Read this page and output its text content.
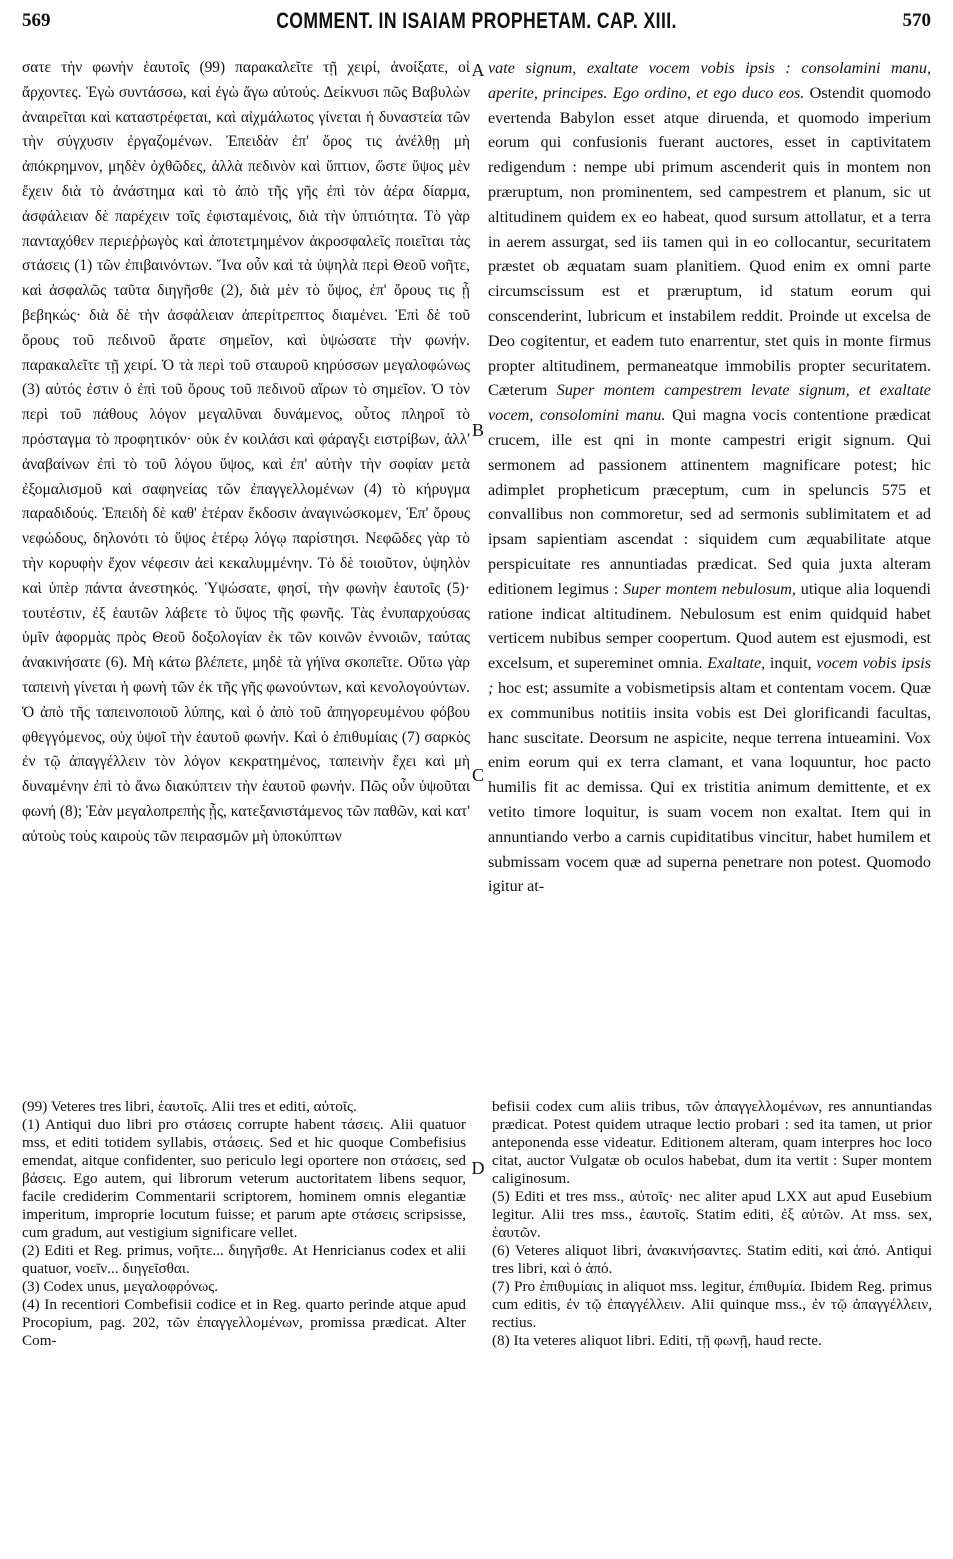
569	COMMENT. IN ISAIAM PROPHETAM. CAP. XIII.	570

σατε τὴν φωνὴν ἑαυτοῖς (99) παρακαλεῖτε τῇ χειρί, ἀνοίξατε, οἱ ἄρχοντες. Ἐγὼ συντάσσω, καὶ ἐγὼ ἄγω αὐτούς. Δείκνυσι πῶς Βαβυλὼν ἀναιρεῖται καὶ καταστρέφεται, καὶ αἰχμάλωτος γίνεται ἡ δυναστεία τῶν τὴν σύγχυσιν ἐργαζομένων. Ἐπειδὰν ἐπ' ὄρος τις ἀνέλθῃ μὴ ἀπόκρημνον, μηδὲν ὀχθῶδες, ἀλλὰ πεδινὸν καὶ ὕπτιον, ὥστε ὕψος μὲν ἔχειν διὰ τὸ ἀνάστημα καὶ τὸ ἀπὸ τῆς γῆς ἐπὶ τὸν ἀέρα δίαρμα, ἀσφάλειαν δὲ παρέχειν τοῖς ἐφισταμένοις, διὰ τὴν ὑπτιότητα. Τὸ γὰρ πανταχόθεν περιεῤῥωγὸς καὶ ἀποτετμημένον ἀκροσφαλεῖς ποιεῖται τὰς στάσεις (1) τῶν ἐπιβαινόντων. Ἵνα οὖν καὶ τὰ ὑψηλὰ περὶ Θεοῦ νοῆτε, καὶ ἀσφαλῶς ταῦτα διηγῆσθε (2), διὰ μὲν τὸ ὕψος, ἐπ' ὄρους τις ᾖ βεβηκώς· διὰ δὲ τὴν ἀσφάλειαν ἀπερίτρεπτος διαμένει. Ἐπὶ δὲ τοῦ ὄρους τοῦ πεδινοῦ ἄρατε σημεῖον, καὶ ὑψώσατε τὴν φωνήν. παρακαλεῖτε τῇ χειρί. Ὁ τὰ περὶ τοῦ σταυροῦ κηρύσσων μεγαλοφώνως (3) αὐτός ἐστιν ὁ ἐπὶ τοῦ ὄρους τοῦ πεδινοῦ αἴρων τὸ σημεῖον. Ὁ τὸν περὶ τοῦ πάθους λόγον μεγαλῦναι δυνάμενος, οὗτος πληροῖ τὸ πρόσταγμα τὸ προφητικόν· οὐκ ἐν κοιλάσι καὶ φάραγξι ειστρίβων, ἀλλ' ἀναβαίνων ἐπὶ τὸ τοῦ λόγου ὕψος, καὶ ἐπ' αὐτὴν τὴν σοφίαν μετὰ ἐξομαλισμοῦ καὶ σαφηνείας τῶν ἐπαγγελλομένων (4) τὸ κήρυγμα παραδιδούς. Ἐπειδὴ δὲ καθ' ἑτέραν ἔκδοσιν ἀναγινώσκομεν, Ἐπ' ὄρους νεφώδους, δηλονότι τὸ ὕψος ἑτέρῳ λόγῳ παρίστησι. Νεφῶδες γὰρ τὸ τὴν κορυφὴν ἔχον νέφεσιν ἀεὶ κεκαλυμμένην. Τὸ δὲ τοιοῦτον, ὑψηλὸν καὶ ὑπὲρ πάντα ἀνεστηκός. Ὑψώσατε, φησί, τὴν φωνὴν ἑαυτοῖς (5)· τουτέστιν, ἐξ ἑαυτῶν λάβετε τὸ ὕψος τῆς φωνῆς. Τὰς ἐνυπαρχούσας ὑμῖν ἀφορμὰς πρὸς Θεοῦ δοξολογίαν ἐκ τῶν κοινῶν ἐννοιῶν, ταύτας ἀνακινήσατε (6). Μὴ κάτω βλέπετε, μηδὲ τὰ γήϊνα σκοπεῖτε. Οὕτω γὰρ ταπεινὴ γίνεται ἡ φωνὴ τῶν ἐκ τῆς γῆς φωνούντων, καὶ κενολογούντων. Ὁ ἀπὸ τῆς ταπεινοποιοῦ λύπης, καὶ ὁ ἀπὸ τοῦ ἀπηγορευμένου φόβου φθεγγόμενος, οὐχ ὑψοῖ τὴν ἑαυτοῦ φωνήν. Καὶ ὁ ἐπιθυμίαις (7) σαρκὸς ἐν τῷ ἀπαγγέλλειν τὸν λόγον κεκρατημένος, ταπεινὴν ἔχει καὶ μὴ δυναμένην ἐπὶ τὸ ἄνω διακύπτειν τὴν ἑαυτοῦ φωνήν. Πῶς οὖν ὑψοῦται φωνή (8); Ἐὰν μεγαλοπρεπὴς ᾖς, κατεξανιστάμενος τῶν παθῶν, καὶ κατ' αὐτοὺς τοὺς καιροὺς τῶν πειρασμῶν μὴ ὑποκύπτων

A
B
C
D

vate signum, exaltate vocem vobis ipsis : consolamini manu, aperite, principes. Ego ordino, et ego duco eos. Ostendit quomodo evertenda Babylon esset atque diruenda, et quomodo imperium eorum qui confusionis fuerant auctores, esset in captivitatem redigendum : nempe ubi primum ascenderit quis in montem non præruptum, non prominentem, sed campestrem et planum, sic ut altitudinem quidem ex eo habeat, quod sursum attollatur, et a terra in aerem assurgat, sed iis tamen qui in eo collocantur, securitatem præstet ob æquatam suam planitiem. Quod enim ex omni parte circumscissum est et præruptum, id statum eorum qui conscenderint, lubricum et instabilem reddit. Proinde ut excelsa de Deo cogitentur, et eadem tuto enarrentur, stet quis in monte firmus propter altitudinem, permaneatque immobilis propter securitatem. Cæterum Super montem campestrem levate signum, et exaltate vocem, consolomini manu. Qui magna vocis contentione prædicat crucem, ille est qni in monte campestri erigit signum. Qui sermonem ad passionem attinentem magnificare potest; hic adimplet propheticum præceptum, cum in speluncis 575 et convallibus non commoretur, sed ad sermonis sublimitatem et ad ipsam sapientiam ascendat : siquidem cum æquabilitate atque perspicuitate res annuntiadas prædicat. Sed quia juxta alteram editionem legimus : Super montem nebulosum, utique alia loquendi ratione indicat altitudinem. Nebulosum est enim quidquid habet verticem nubibus semper coopertum. Quod autem est ejusmodi, est excelsum, et supereminet omnia. Exaltate, inquit, vocem vobis ipsis ; hoc est; assumite a vobismetipsis altam et contentam vocem. Quæ ex communibus notitiis insita vobis est Dei glorificandi facultas, hanc suscitate. Deorsum ne aspicite, neque terrena intueamini. Vox enim eorum qui ex terra clamant, et vana loquuntur, hoc pacto humilis fit ac demissa. Qui ex tristitia animum demittente, et ex vetito timore loquitur, is suam vocem non exaltat. Item qui in annuntiando verbo a carnis cupiditatibus vincitur, habet humilem et submissam vocem quæ ad superna penetrare non potest. Quomodo igitur at-

(99) Veteres tres libri, ἑαυτοῖς. Alii tres et editi, αὐτοῖς.

(1) Antiqui duo libri pro στάσεις corrupte habent τάσεις. Alii quatuor mss, et editi totidem syllabis, στάσεις. Sed et hic quoque Combefisius emendat, aitque confidenter, suo periculo legi oportere non στάσεις, sed βάσεις. Ego autem, qui librorum veterum auctoritatem libens sequor, facile crediderim Commentarii scriptorem, hominem omnis elegantiæ imperitum, improprie locutum fuisse; et parum apte στάσεις scripsisse, cum gradum, aut vestigium significare vellet.

(2) Editi et Reg. primus, νοῆτε... διηγῆσθε. At Henricianus codex et alii quatuor, νοεῖν... διηγεῖσθαι.

(3) Codex unus, μεγαλοφρόνως.

(4) In recentiori Combefisii codice et in Reg. quarto perinde atque apud Procopium, pag. 202, τῶν ἐπαγγελλομένων, promissa prædicat. Alter Com-

befisii codex cum aliis tribus, τῶν ἀπαγγελλομένων, res annuntiandas prædicat. Potest quidem utraque lectio probari : sed ita tamen, ut prior anteponenda esse videatur. Editionem alteram, quam interpres hoc loco citat, auctor Vulgatæ ob oculos habebat, dum ita vertit : Super montem caliginosum.

(5) Editi et tres mss., αὐτοῖς· nec aliter apud LXX aut apud Eusebium legitur. Alii tres mss., ἑαυτοῖς. Statim editi, ἐξ αὐτῶν. At mss. sex, ἑαυτῶν.

(6) Veteres aliquot libri, ἀνακινήσαντες. Statim editi, καὶ ἀπό. Antiqui tres libri, καὶ ὁ ἀπό.

(7) Pro ἐπιθυμίαις in aliquot mss. legitur, ἐπιθυμία. Ibidem Reg. primus cum editis, ἐν τῷ ἐπαγγέλλειν. Alii quinque mss., ἐν τῷ ἀπαγγέλλειν, rectius.

(8) Ita veteres aliquot libri. Editi, τῇ φωνῇ, haud recte.
